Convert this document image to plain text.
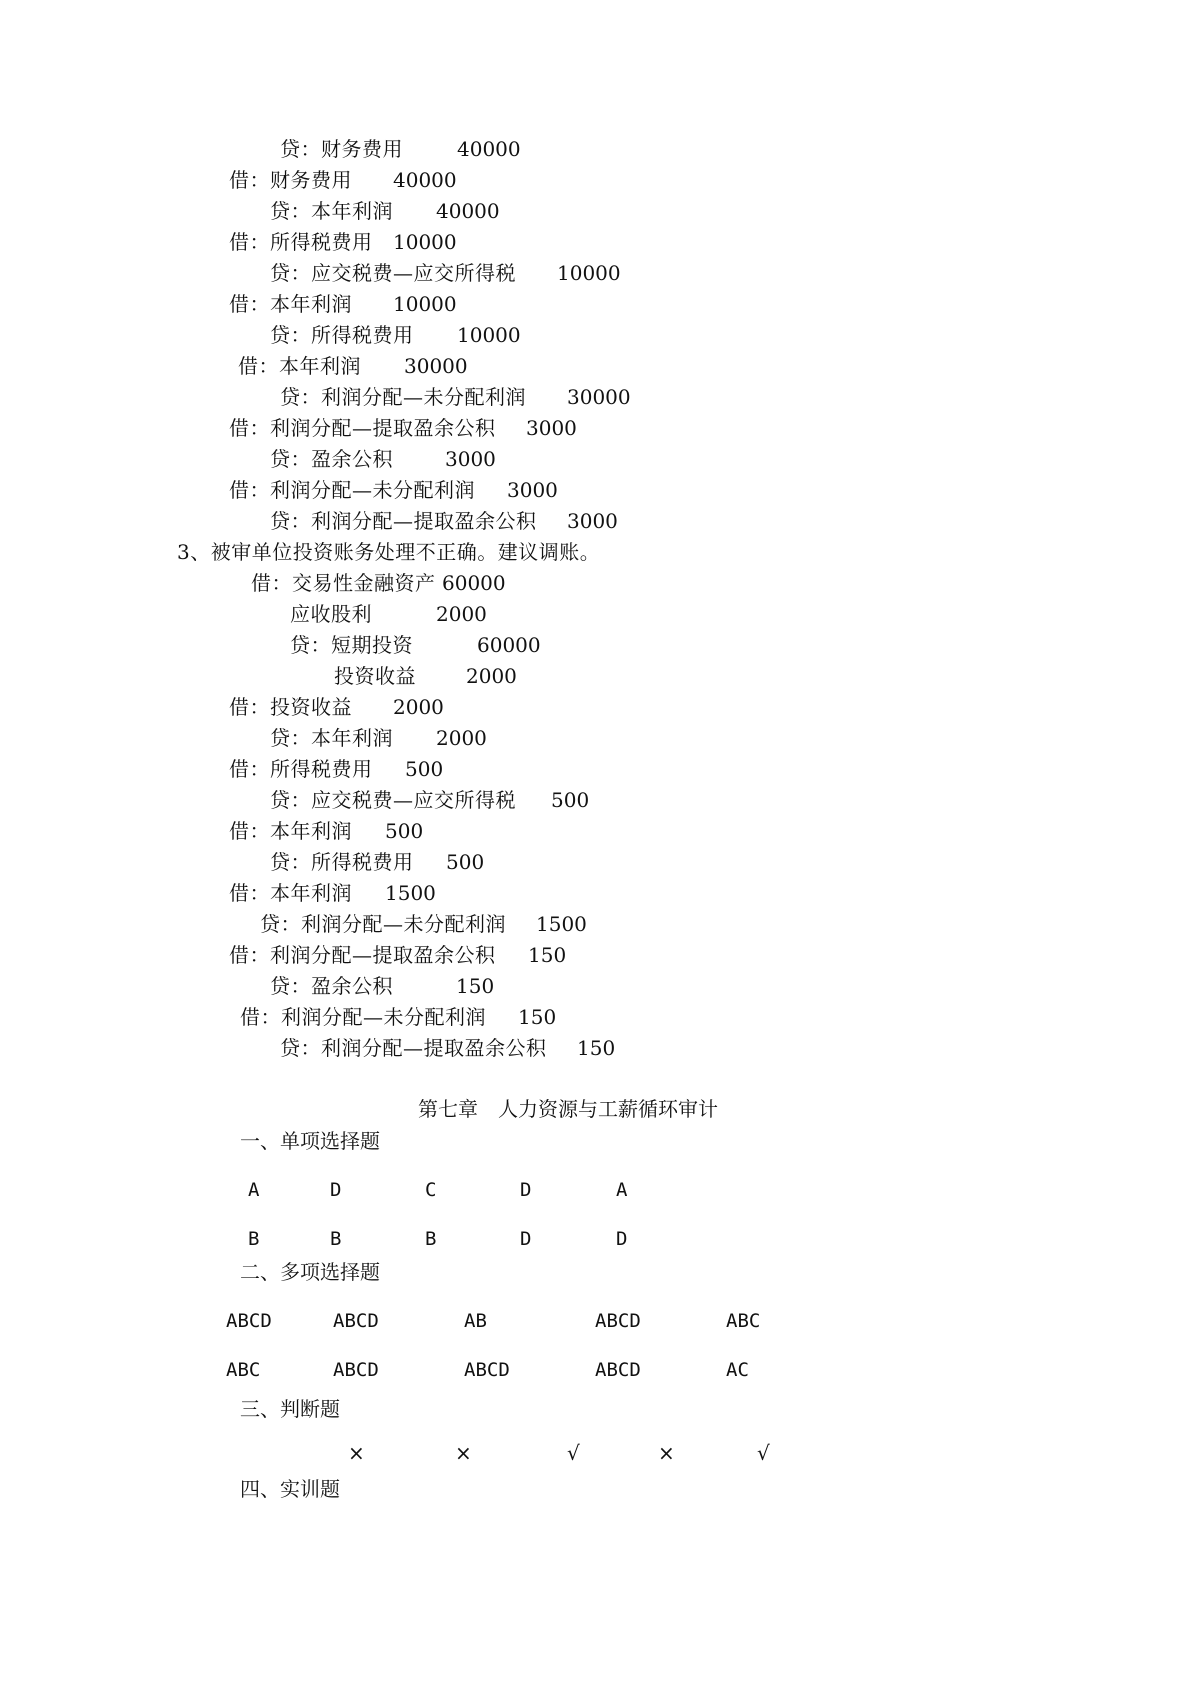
贷：财务费用	40000
借：财务费用 40000
贷：本年利润 40000
借：所得税费用 10000
贷：应交税费—应交所得税 10000
借：本年利润 10000
贷：所得税费用 10000
借：本年利润 30000
贷：利润分配—未分配利润 30000
借：利润分配—提取盈余公积 3000
贷：盈余公积	3000
借：利润分配—未分配利润 3000
贷：利润分配—提取盈余公积 3000
3、被审单位投资账务处理不正确。建议调账。
借：交易性金融资产 60000
应收股利	2000
贷：短期投资	60000
投资收益	2000
借：投资收益 2000
贷：本年利润 2000
借：所得税费用 500
贷：应交税费—应交所得税 500
借：本年利润 500
贷：所得税费用 500
借：本年利润 1500
贷：利润分配—未分配利润 1500
借：利润分配—提取盈余公积 150
贷：盈余公积	150
借：利润分配—未分配利润 150
贷：利润分配—提取盈余公积 150
第七章　人力资源与工薪循环审计
一、单项选择题
A	D	C	D	A
B	B	B	D	D
二、多项选择题
ABCD	ABCD	AB	ABCD	ABC
ABC	ABCD	ABCD	ABCD	AC
三、判断题
×	×	√	×	√
四、实训题
